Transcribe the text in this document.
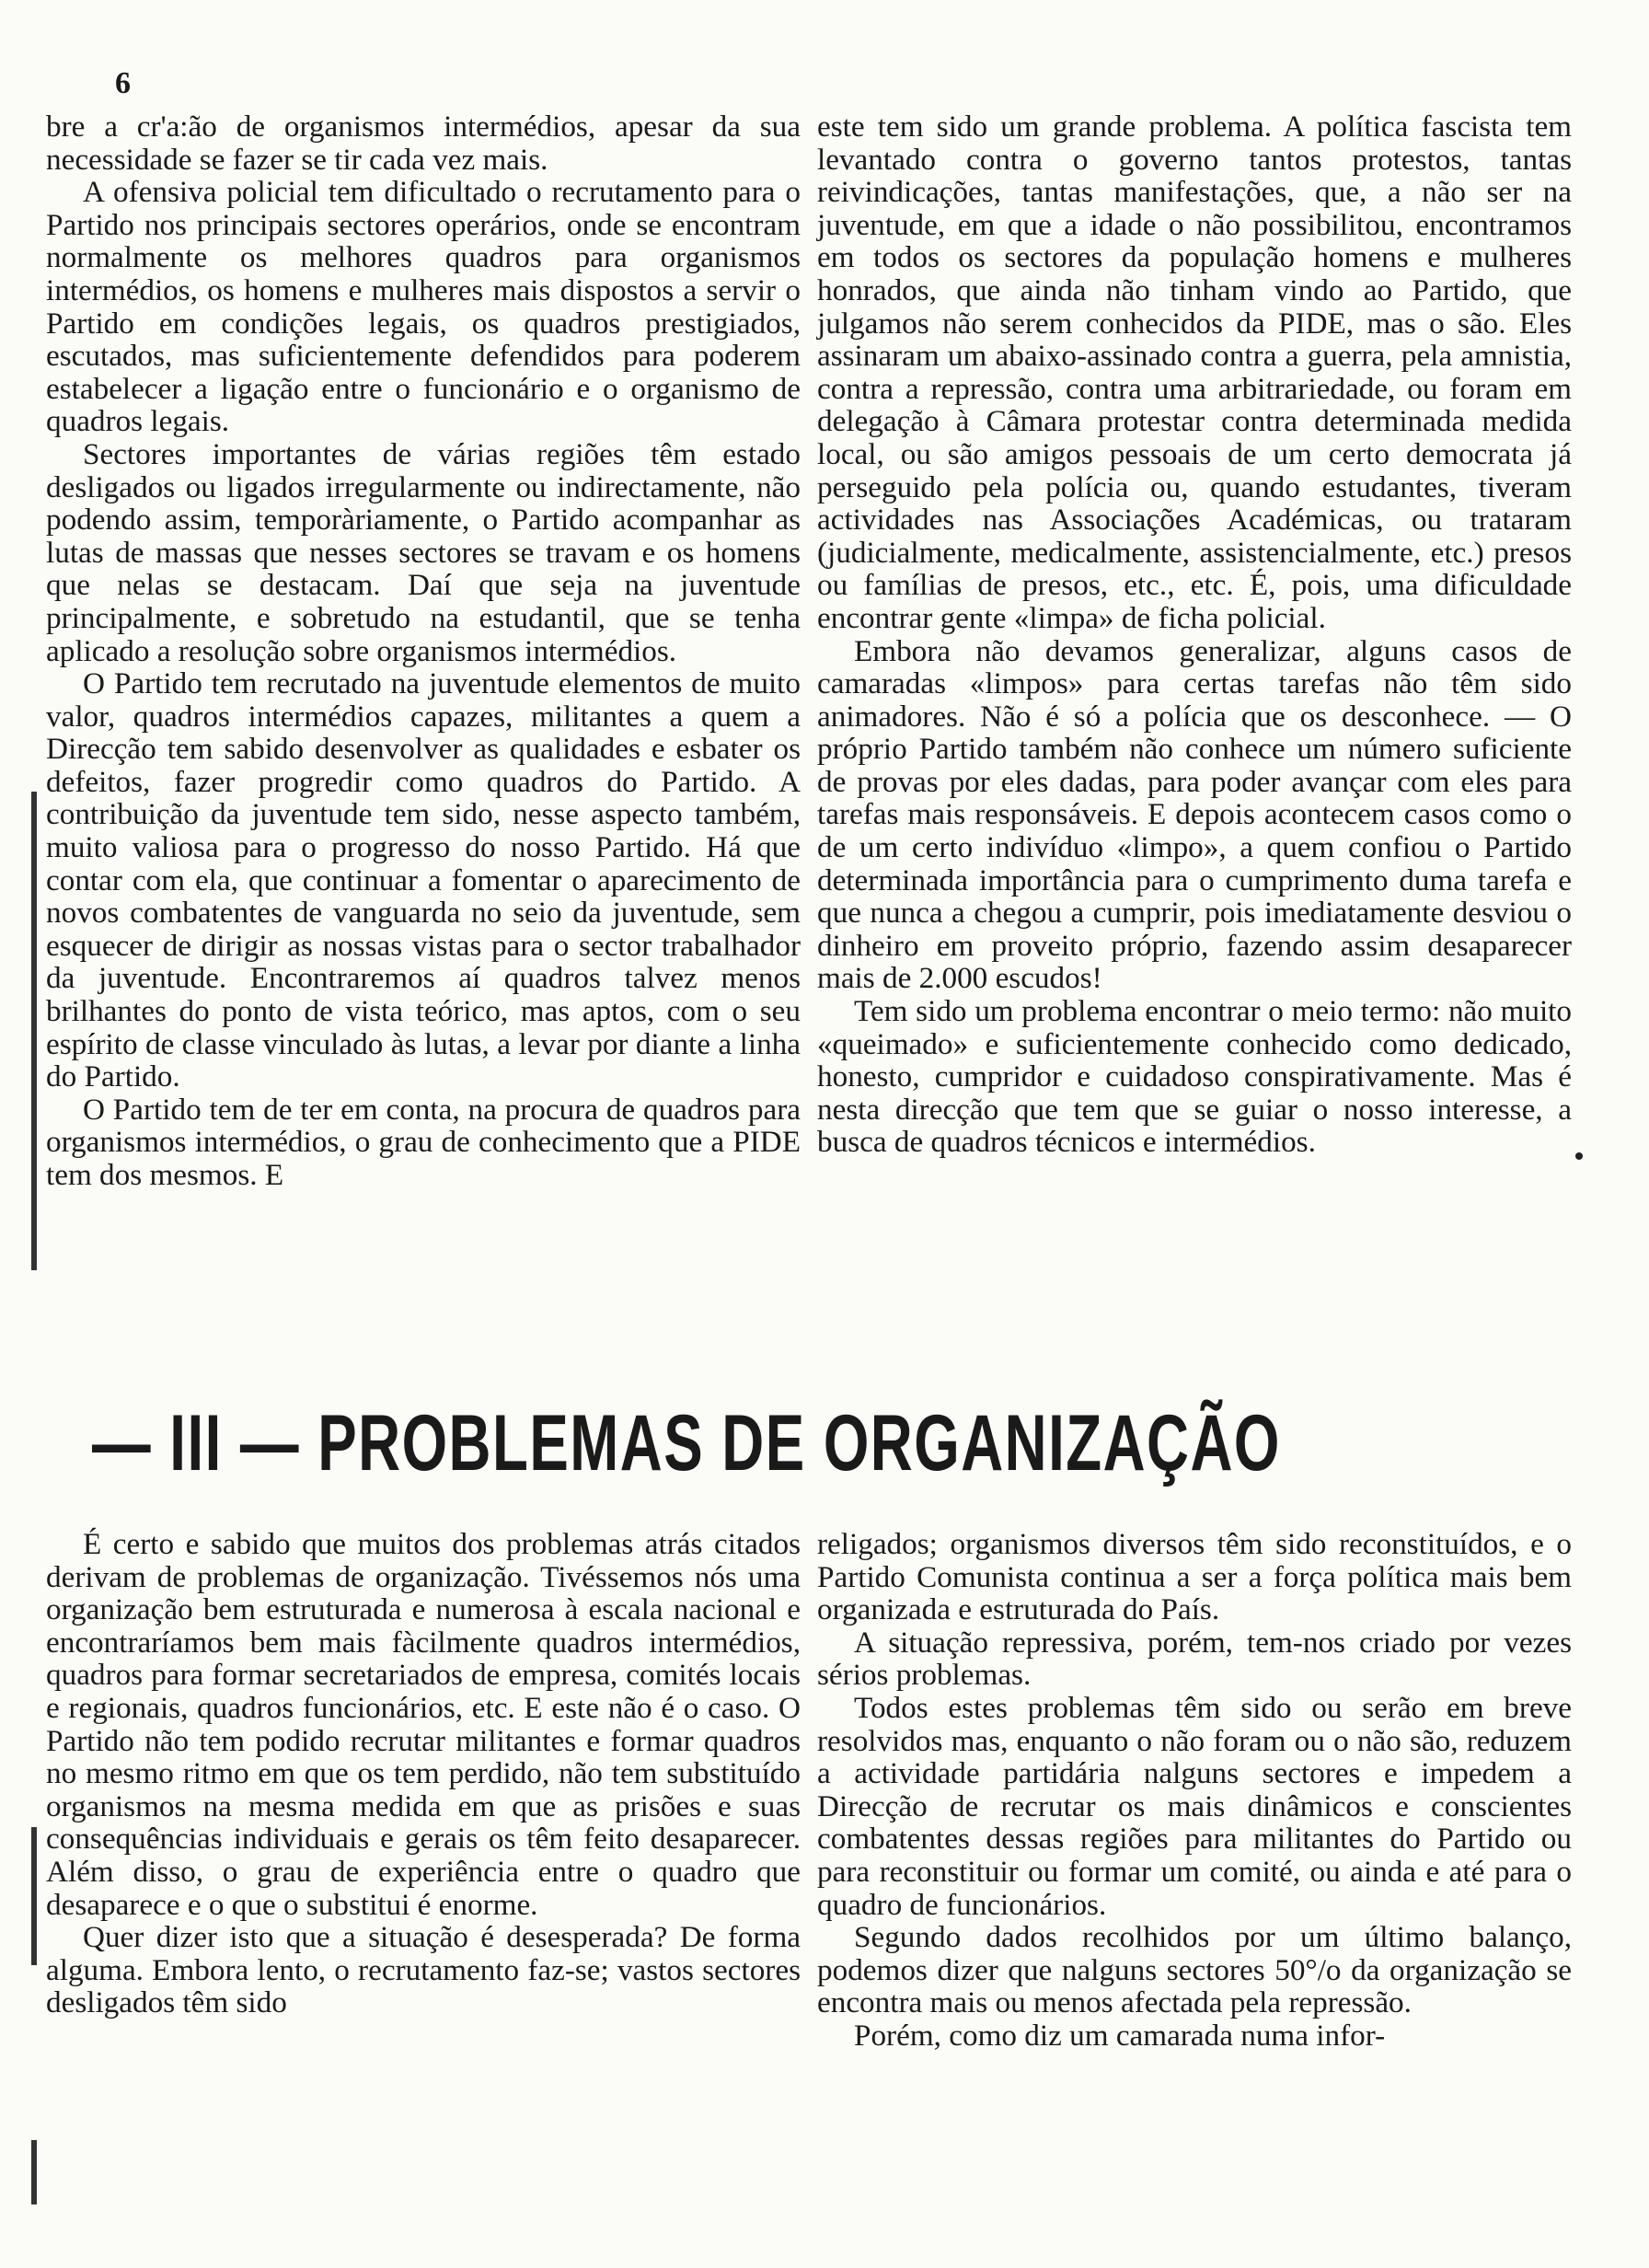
6

bre a cr'a:ão de organismos intermédios, apesar da sua necessidade se fazer se tir cada vez mais.

A ofensiva policial tem dificultado o recrutamento para o Partido nos principais sectores operários, onde se encontram normalmente os melhores quadros para organismos intermédios, os homens e mulheres mais dispostos a servir o Partido em condições legais, os quadros prestigiados, escutados, mas suficientemente defendidos para poderem estabelecer a ligação entre o funcionário e o organismo de quadros legais.

Sectores importantes de várias regiões têm estado desligados ou ligados irregularmente ou indirectamente, não podendo assim, temporàriamente, o Partido acompanhar as lutas de massas que nesses sectores se travam e os homens que nelas se destacam. Daí que seja na juventude principalmente, e sobretudo na estudantil, que se tenha aplicado a resolução sobre organismos intermédios.

O Partido tem recrutado na juventude elementos de muito valor, quadros intermédios capazes, militantes a quem a Direcção tem sabido desenvolver as qualidades e esbater os defeitos, fazer progredir como quadros do Partido. A contribuição da juventude tem sido, nesse aspecto também, muito valiosa para o progresso do nosso Partido. Há que contar com ela, que continuar a fomentar o aparecimento de novos combatentes de vanguarda no seio da juventude, sem esquecer de dirigir as nossas vistas para o sector trabalhador da juventude. Encontraremos aí quadros talvez menos brilhantes do ponto de vista teórico, mas aptos, com o seu espírito de classe vinculado às lutas, a levar por diante a linha do Partido.

O Partido tem de ter em conta, na procura de quadros para organismos intermédios, o grau de conhecimento que a PIDE tem dos mesmos. E

este tem sido um grande problema. A política fascista tem levantado contra o governo tantos protestos, tantas reivindicações, tantas manifestações, que, a não ser na juventude, em que a idade o não possibilitou, encontramos em todos os sectores da população homens e mulheres honrados, que ainda não tinham vindo ao Partido, que julgamos não serem conhecidos da PIDE, mas o são. Eles assinaram um abaixo-assinado contra a guerra, pela amnistia, contra a repressão, contra uma arbitrariedade, ou foram em delegação à Câmara protestar contra determinada medida local, ou são amigos pessoais de um certo democrata já perseguido pela polícia ou, quando estudantes, tiveram actividades nas Associações Académicas, ou trataram (judicialmente, medicalmente, assistencialmente, etc.) presos ou famílias de presos, etc., etc. É, pois, uma dificuldade encontrar gente «limpa» de ficha policial.

Embora não devamos generalizar, alguns casos de camaradas «limpos» para certas tarefas não têm sido animadores. Não é só a polícia que os desconhece. — O próprio Partido também não conhece um número suficiente de provas por eles dadas, para poder avançar com eles para tarefas mais responsáveis. E depois acontecem casos como o de um certo indivíduo «limpo», a quem confiou o Partido determinada importância para o cumprimento duma tarefa e que nunca a chegou a cumprir, pois imediatamente desviou o dinheiro em proveito próprio, fazendo assim desaparecer mais de 2.000 escudos!

Tem sido um problema encontrar o meio termo: não muito «queimado» e suficientemente conhecido como dedicado, honesto, cumpridor e cuidadoso conspirativamente. Mas é nesta direcção que tem que se guiar o nosso interesse, a busca de quadros técnicos e intermédios.

— III — PROBLEMAS DE ORGANIZAÇÃO

É certo e sabido que muitos dos problemas atrás citados derivam de problemas de organização. Tivéssemos nós uma organização bem estruturada e numerosa à escala nacional e encontraríamos bem mais fàcilmente quadros intermédios, quadros para formar secretariados de empresa, comités locais e regionais, quadros funcionários, etc. E este não é o caso. O Partido não tem podido recrutar militantes e formar quadros no mesmo ritmo em que os tem perdido, não tem substituído organismos na mesma medida em que as prisões e suas consequências individuais e gerais os têm feito desaparecer. Além disso, o grau de experiência entre o quadro que desaparece e o que o substitui é enorme.

Quer dizer isto que a situação é desesperada? De forma alguma. Embora lento, o recrutamento faz-se; vastos sectores desligados têm sido

religados; organismos diversos têm sido reconstituídos, e o Partido Comunista continua a ser a força política mais bem organizada e estruturada do País.

A situação repressiva, porém, tem-nos criado por vezes sérios problemas.

Todos estes problemas têm sido ou serão em breve resolvidos mas, enquanto o não foram ou o não são, reduzem a actividade partidária nalguns sectores e impedem a Direcção de recrutar os mais dinâmicos e conscientes combatentes dessas regiões para militantes do Partido ou para reconstituir ou formar um comité, ou ainda e até para o quadro de funcionários.

Segundo dados recolhidos por um último balanço, podemos dizer que nalguns sectores 50°/o da organização se encontra mais ou menos afectada pela repressão.

Porém, como diz um camarada numa infor-
